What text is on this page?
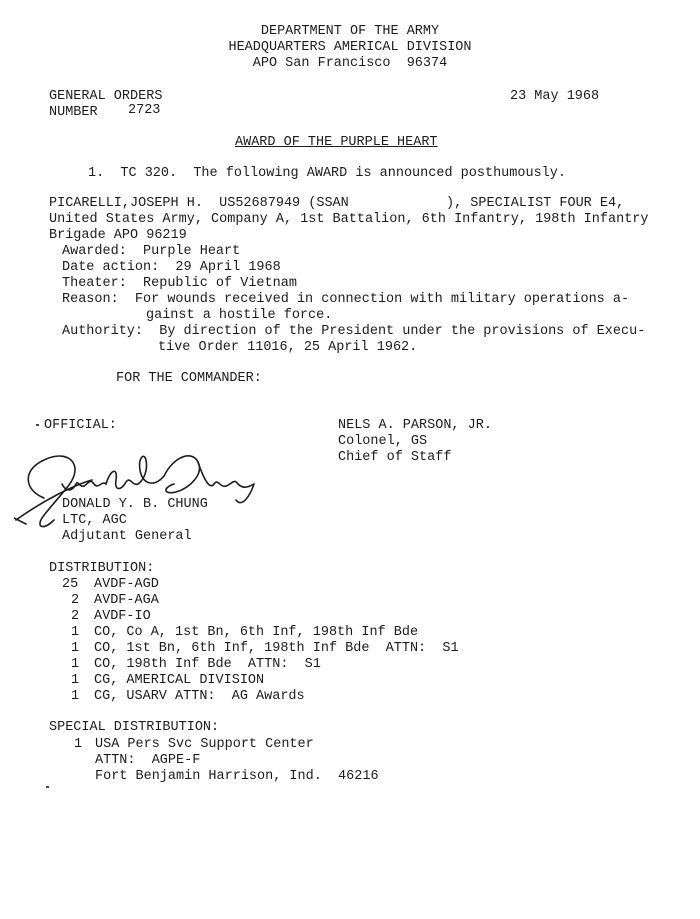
DEPARTMENT OF THE ARMY
HEADQUARTERS AMERICAL DIVISION
APO San Francisco  96374
GENERAL ORDERS
NUMBER 2723
23 May 1968
AWARD OF THE PURPLE HEART
1.  TC 320.  The following AWARD is announced posthumously.
PICARELLI,JOSEPH H.  US52687949 (SSAN            ), SPECIALIST FOUR E4,
United States Army, Company A, 1st Battalion, 6th Infantry, 198th Infantry
Brigade APO 96219
Awarded:  Purple Heart
Date action:  29 April 1968
Theater:  Republic of Vietnam
Reason:  For wounds received in connection with military operations a-
gainst a hostile force.
Authority:  By direction of the President under the provisions of Execu-
tive Order 11016, 25 April 1962.
FOR THE COMMANDER:
OFFICIAL:	NELS A. PARSON, JR.
Colonel, GS
Chief of Staff
DONALD Y. B. CHUNG
LTC, AGC
Adjutant General
DISTRIBUTION:
25 AVDF-AGD
2 AVDF-AGA
2 AVDF-IO
1 CO, Co A, 1st Bn, 6th Inf, 198th Inf Bde
1 CO, 1st Bn, 6th Inf, 198th Inf Bde  ATTN:  S1
1 CO, 198th Inf Bde  ATTN:  S1
1 CG, AMERICAL DIVISION
1 CG, USARV ATTN:  AG Awards
SPECIAL DISTRIBUTION:
1 USA Pers Svc Support Center
ATTN:  AGPE-F
Fort Benjamin Harrison, Ind.  46216
